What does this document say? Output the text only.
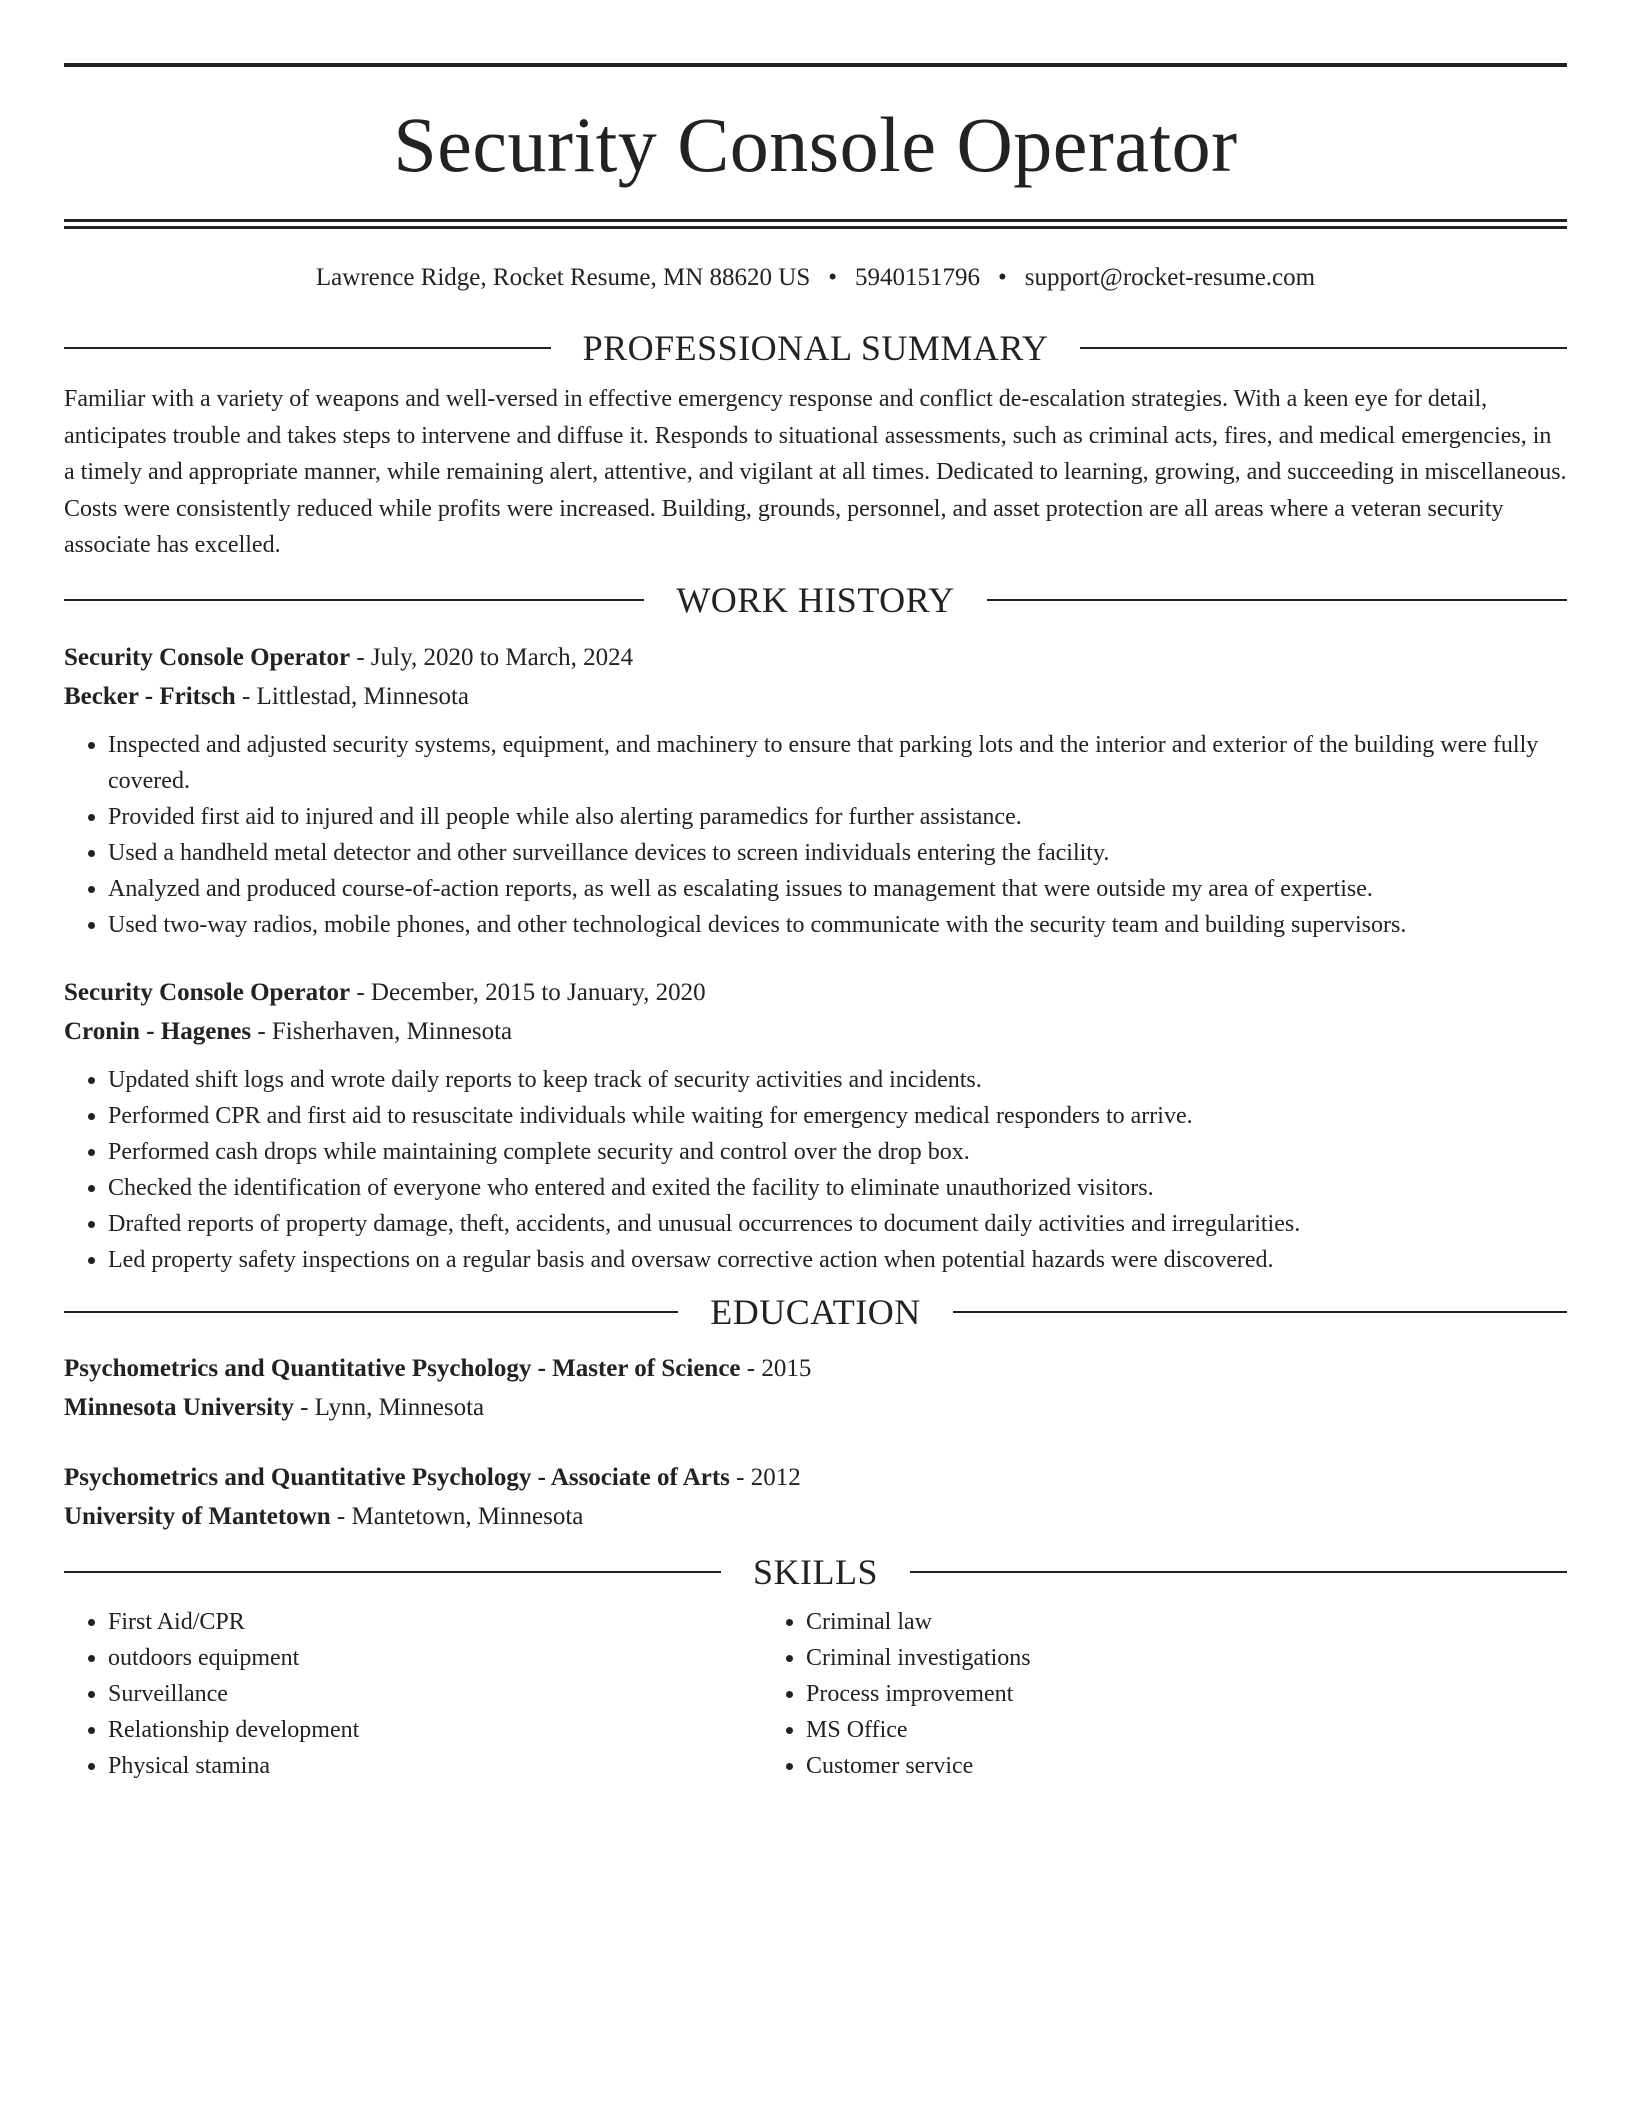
Security Console Operator
Lawrence Ridge, Rocket Resume, MN 88620 US • 5940151796 • support@rocket-resume.com
PROFESSIONAL SUMMARY

Familiar with a variety of weapons and well-versed in effective emergency response and conflict de-escalation strategies. With a keen eye for detail, anticipates trouble and takes steps to intervene and diffuse it. Responds to situational assessments, such as criminal acts, fires, and medical emergencies, in a timely and appropriate manner, while remaining alert, attentive, and vigilant at all times. Dedicated to learning, growing, and succeeding in miscellaneous. Costs were consistently reduced while profits were increased. Building, grounds, personnel, and asset protection are all areas where a veteran security associate has excelled.

WORK HISTORY
Security Console Operator - July, 2020 to March, 2024
Becker - Fritsch - Littlestad, Minnesota
• Inspected and adjusted security systems, equipment, and machinery to ensure that parking lots and the interior and exterior of the building were fully covered.
• Provided first aid to injured and ill people while also alerting paramedics for further assistance.
• Used a handheld metal detector and other surveillance devices to screen individuals entering the facility.
• Analyzed and produced course-of-action reports, as well as escalating issues to management that were outside my area of expertise.
• Used two-way radios, mobile phones, and other technological devices to communicate with the security team and building supervisors.
Security Console Operator - December, 2015 to January, 2020
Cronin - Hagenes - Fisherhaven, Minnesota
• Updated shift logs and wrote daily reports to keep track of security activities and incidents.
• Performed CPR and first aid to resuscitate individuals while waiting for emergency medical responders to arrive.
• Performed cash drops while maintaining complete security and control over the drop box.
• Checked the identification of everyone who entered and exited the facility to eliminate unauthorized visitors.
• Drafted reports of property damage, theft, accidents, and unusual occurrences to document daily activities and irregularities.
• Led property safety inspections on a regular basis and oversaw corrective action when potential hazards were discovered.
EDUCATION
Psychometrics and Quantitative Psychology - Master of Science - 2015
Minnesota University - Lynn, Minnesota
Psychometrics and Quantitative Psychology - Associate of Arts - 2012
University of Mantetown - Mantetown, Minnesota
SKILLS
• First Aid/CPR
• outdoors equipment
• Surveillance
• Relationship development
• Physical stamina
• Criminal law
• Criminal investigations
• Process improvement
• MS Office
• Customer service
